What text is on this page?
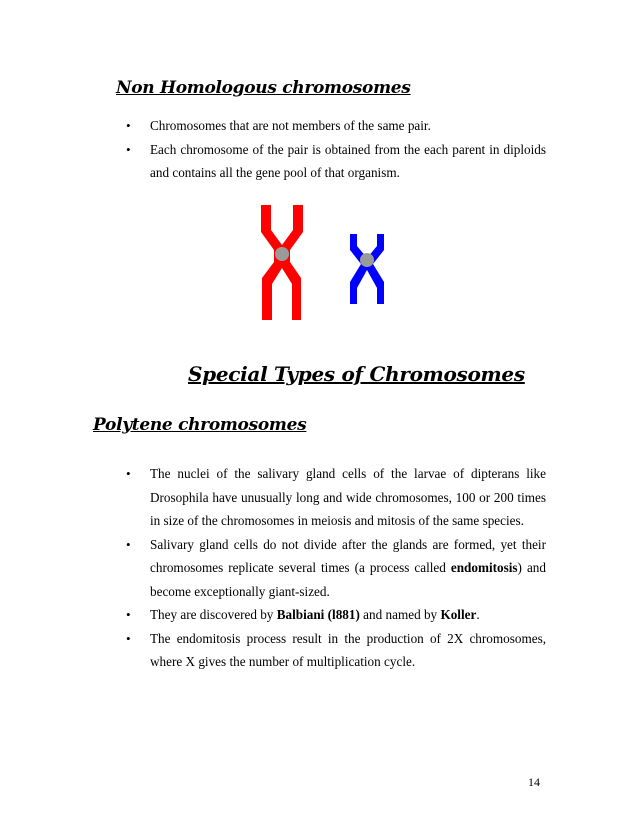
Non Homologous chromosomes
• Chromosomes that are not members of the same pair.
• Each chromosome of the pair is obtained from the each parent in diploids and contains all the gene pool of that organism.
Special Types of Chromosomes
Polytene chromosomes
• The nuclei of the salivary gland cells of the larvae of dipterans like Drosophila have unusually long and wide chromosomes, 100 or 200 times in size of the chromosomes in meiosis and mitosis of the same species.
• Salivary gland cells do not divide after the glands are formed, yet their chromosomes replicate several times (a process called endomitosis) and become exceptionally giant-sized.
• They are discovered by Balbiani (l881) and named by Koller.
• The endomitosis process result in the production of 2X chromosomes, where X gives the number of multiplication cycle.
14
